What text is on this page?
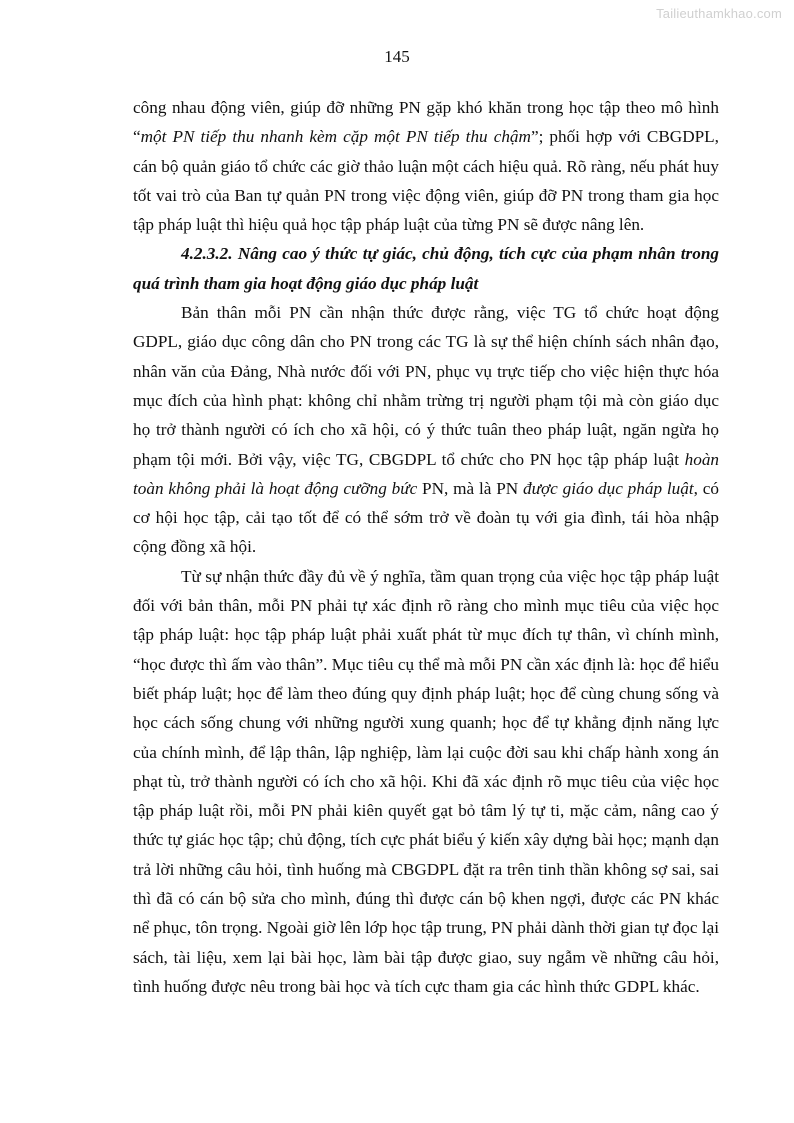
Tailieuthamkhao.com
145

công nhau động viên, giúp đỡ những PN gặp khó khăn trong học tập theo mô hình “một PN tiếp thu nhanh kèm cặp một PN tiếp thu chậm”; phối hợp với CBGDPL, cán bộ quản giáo tổ chức các giờ thảo luận một cách hiệu quả. Rõ ràng, nếu phát huy tốt vai trò của Ban tự quản PN trong việc động viên, giúp đỡ PN trong tham gia học tập pháp luật thì hiệu quả học tập pháp luật của từng PN sẽ được nâng lên.

4.2.3.2. Nâng cao ý thức tự giác, chủ động, tích cực của phạm nhân trong quá trình tham gia hoạt động giáo dục pháp luật

Bản thân mỗi PN cần nhận thức được rằng, việc TG tổ chức hoạt động GDPL, giáo dục công dân cho PN trong các TG là sự thể hiện chính sách nhân đạo, nhân văn của Đảng, Nhà nước đối với PN, phục vụ trực tiếp cho việc hiện thực hóa mục đích của hình phạt: không chỉ nhằm trừng trị người phạm tội mà còn giáo dục họ trở thành người có ích cho xã hội, có ý thức tuân theo pháp luật, ngăn ngừa họ phạm tội mới. Bởi vậy, việc TG, CBGDPL tổ chức cho PN học tập pháp luật hoàn toàn không phải là hoạt động cưỡng bức PN, mà là PN được giáo dục pháp luật, có cơ hội học tập, cải tạo tốt để có thể sớm trở về đoàn tụ với gia đình, tái hòa nhập cộng đồng xã hội.

Từ sự nhận thức đầy đủ về ý nghĩa, tầm quan trọng của việc học tập pháp luật đối với bản thân, mỗi PN phải tự xác định rõ ràng cho mình mục tiêu của việc học tập pháp luật: học tập pháp luật phải xuất phát từ mục đích tự thân, vì chính mình, “học được thì ấm vào thân”. Mục tiêu cụ thể mà mỗi PN cần xác định là: học để hiểu biết pháp luật; học để làm theo đúng quy định pháp luật; học để cùng chung sống và học cách sống chung với những người xung quanh; học để tự khẳng định năng lực của chính mình, để lập thân, lập nghiệp, làm lại cuộc đời sau khi chấp hành xong án phạt tù, trở thành người có ích cho xã hội. Khi đã xác định rõ mục tiêu của việc học tập pháp luật rồi, mỗi PN phải kiên quyết gạt bỏ tâm lý tự ti, mặc cảm, nâng cao ý thức tự giác học tập; chủ động, tích cực phát biểu ý kiến xây dựng bài học; mạnh dạn trả lời những câu hỏi, tình huống mà CBGDPL đặt ra trên tinh thần không sợ sai, sai thì đã có cán bộ sửa cho mình, đúng thì được cán bộ khen ngợi, được các PN khác nể phục, tôn trọng. Ngoài giờ lên lớp học tập trung, PN phải dành thời gian tự đọc lại sách, tài liệu, xem lại bài học, làm bài tập được giao, suy ngẫm về những câu hỏi, tình huống được nêu trong bài học và tích cực tham gia các hình thức GDPL khác.
